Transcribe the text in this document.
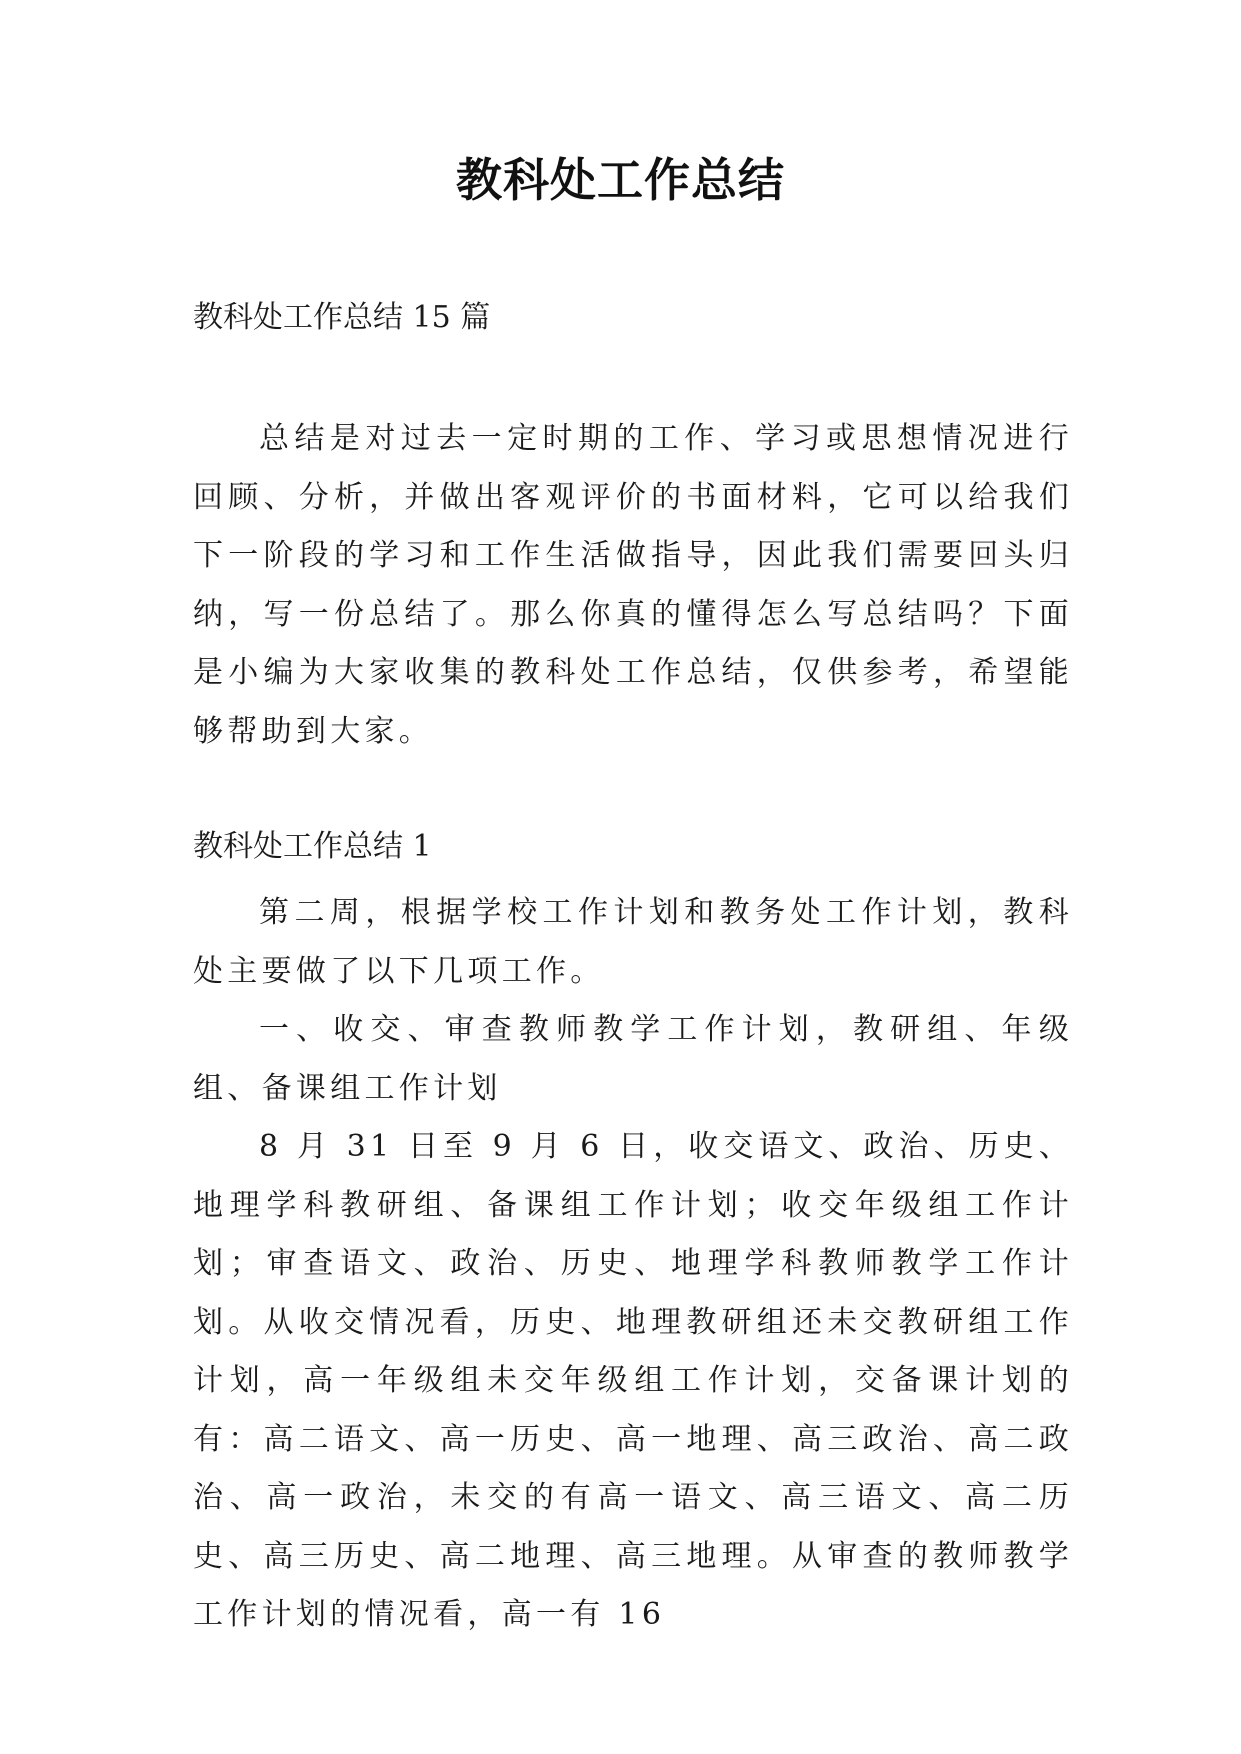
教科处工作总结

教科处工作总结 15 篇

总结是对过去一定时期的工作、学习或思想情况进行回顾、分析，并做出客观评价的书面材料，它可以给我们下一阶段的学习和工作生活做指导，因此我们需要回头归纳，写一份总结了。那么你真的懂得怎么写总结吗？下面是小编为大家收集的教科处工作总结，仅供参考，希望能够帮助到大家。

教科处工作总结 1

第二周，根据学校工作计划和教务处工作计划，教科处主要做了以下几项工作。

一、收交、审查教师教学工作计划，教研组、年级组、备课组工作计划

8 月 31 日至 9 月 6 日，收交语文、政治、历史、地理学科教研组、备课组工作计划；收交年级组工作计划；审查语文、政治、历史、地理学科教师教学工作计划。从收交情况看，历史、地理教研组还未交教研组工作计划，高一年级组未交年级组工作计划，交备课计划的有：高二语文、高一历史、高一地理、高三政治、高二政治、高一政治，未交的有高一语文、高三语文、高二历史、高三历史、高二地理、高三地理。从审查的教师教学工作计划的情况看，高一有 16
